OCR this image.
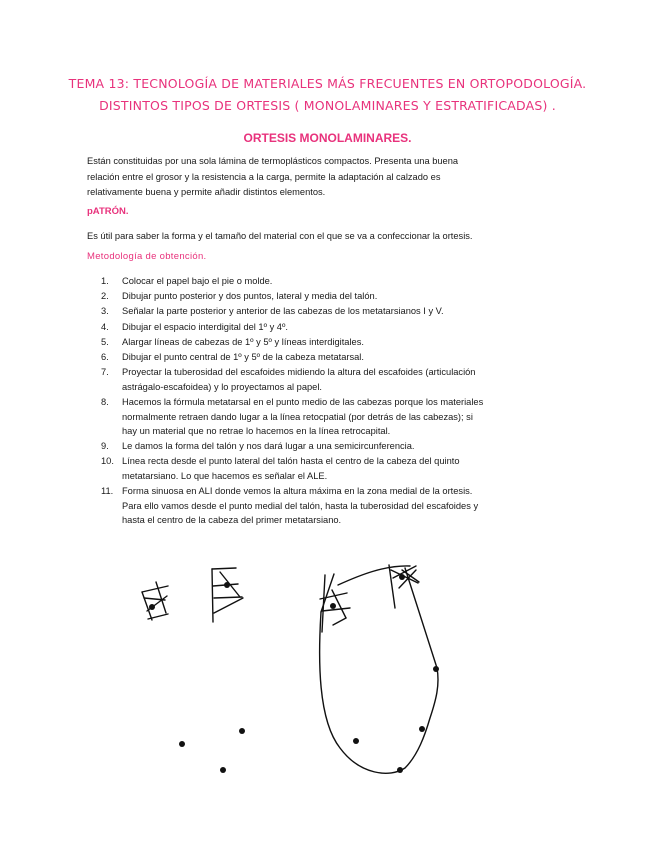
TEMA 13: TECNOLOGÍA DE MATERIALES MÁS FRECUENTES EN ORTOPODOLOGÍA.
DISTINTOS TIPOS DE ORTESIS ( MONOLAMINARES Y ESTRATIFICADAS) .
ORTESIS MONOLAMINARES.
Están constituidas por una sola lámina de termoplásticos compactos. Presenta una buena
relación entre el grosor y la resistencia a la carga, permite la adaptación al calzado es
relativamente buena y permite añadir distintos elementos.
pATRÓN.
Es útil para saber la forma y el tamaño del material con el que se va a confeccionar la ortesis.
Metodología de obtención.
1.	Colocar el papel bajo el pie o molde.
2.	Dibujar punto posterior y dos puntos, lateral y media del talón.
3.	Señalar la parte posterior y anterior de las cabezas de los metatarsianos I y V.
4.	Dibujar el espacio interdigital del 1º y 4º.
5.	Alargar líneas de cabezas de 1º y 5º y líneas interdigitales.
6.	Dibujar el punto central de 1º y 5º de la cabeza metatarsal.
7.	Proyectar la tuberosidad del escafoides midiendo la altura del escafoides (articulación
astrágalo-escafoidea) y lo proyectamos al papel.
8.	Hacemos la fórmula metatarsal en el punto medio de las cabezas porque los materiales
normalmente retraen dando lugar a la línea retocpatial (por detrás de las cabezas); si
hay un material que no retrae lo hacemos en la línea retrocapital.
9.	Le damos la forma del talón y nos dará lugar a una semicircunferencia.
10. Línea recta desde el punto lateral del talón hasta el centro de la cabeza del quinto
metatarsiano. Lo que hacemos es señalar el ALE.
11. Forma sinuosa en ALI donde vemos la altura máxima en la zona medial de la ortesis.
Para ello vamos desde el punto medial del talón, hasta la tuberosidad del escafoides y
hasta el centro de la cabeza del primer metatarsiano.
